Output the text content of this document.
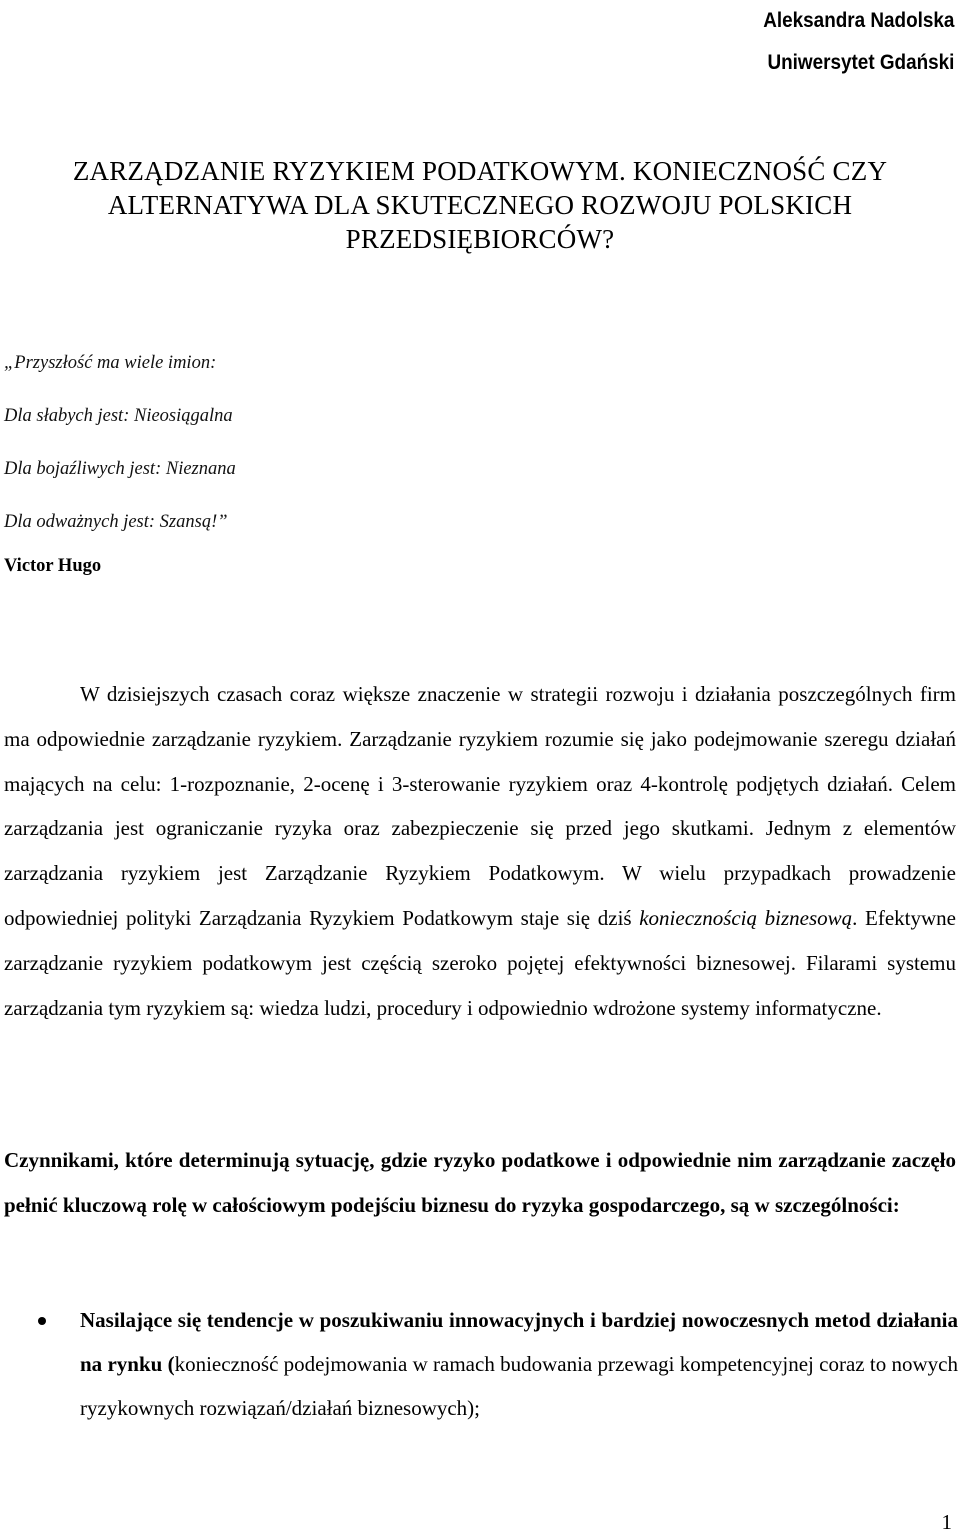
Aleksandra Nadolska
Uniwersytet Gdański
ZARZĄDZANIE RYZYKIEM PODATKOWYM. KONIECZNOŚĆ CZY
ALTERNATYWA DLA SKUTECZNEGO ROZWOJU POLSKICH
PRZEDSIĘBIORCÓW?
„Przyszłość ma wiele imion:
Dla słabych jest: Nieosiągalna
Dla bojaźliwych jest: Nieznana
Dla odważnych jest: Szansą!”
Victor Hugo
W dzisiejszych czasach coraz większe znaczenie w strategii rozwoju i działania poszczególnych firm ma odpowiednie zarządzanie ryzykiem. Zarządzanie ryzykiem rozumie się jako podejmowanie szeregu działań mających na celu: 1-rozpoznanie, 2-ocenę i 3-sterowanie ryzykiem oraz 4-kontrolę podjętych działań. Celem zarządzania jest ograniczanie ryzyka oraz zabezpieczenie się przed jego skutkami. Jednym z elementów zarządzania ryzykiem jest Zarządzanie Ryzykiem Podatkowym. W wielu przypadkach prowadzenie odpowiedniej polityki Zarządzania Ryzykiem Podatkowym staje się dziś koniecznością biznesową. Efektywne zarządzanie ryzykiem podatkowym jest częścią szeroko pojętej efektywności biznesowej. Filarami systemu zarządzania tym ryzykiem są: wiedza ludzi, procedury i odpowiednio wdrożone systemy informatyczne.
Czynnikami, które determinują sytuację, gdzie ryzyko podatkowe i odpowiednie nim zarządzanie zaczęło pełnić kluczową rolę w całościowym podejściu biznesu do ryzyka gospodarczego, są w szczególności:
Nasilające się tendencje w poszukiwaniu innowacyjnych i bardziej nowoczesnych metod działania na rynku (konieczność podejmowania w ramach budowania przewagi kompetencyjnej coraz to nowych ryzykownych rozwiązań/działań biznesowych);
1
